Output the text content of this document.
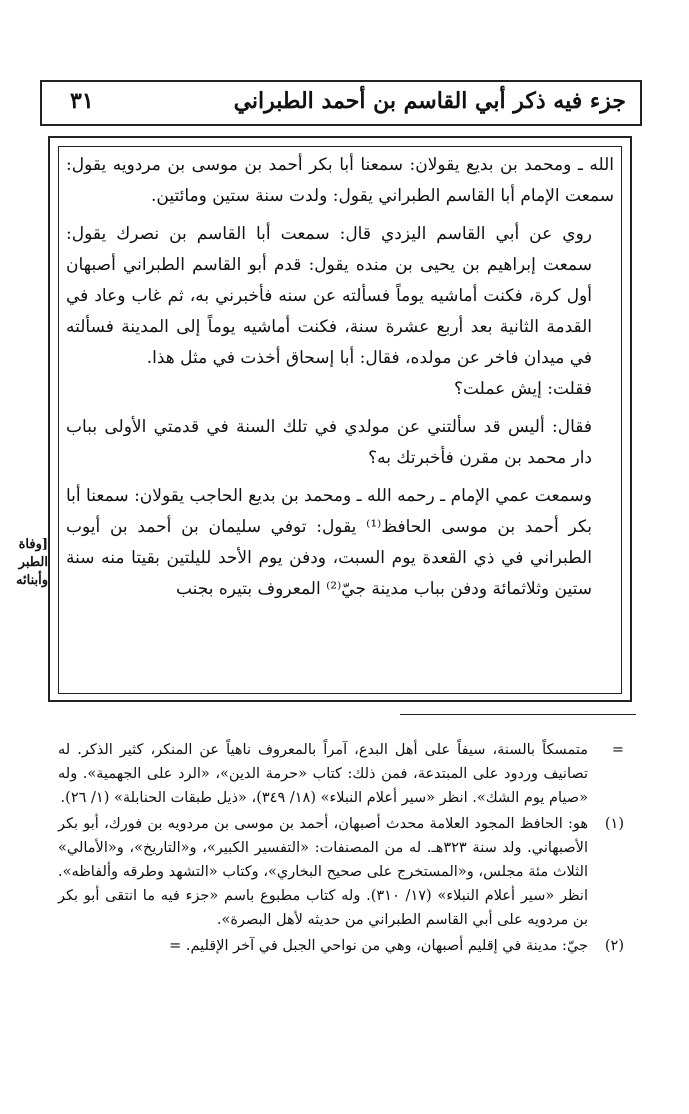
جزء فيه ذكر أبي القاسم بن أحمد الطبراني
٣١

الله ـ ومحمد بن بديع يقولان: سمعنا أبا بكر أحمد بن موسى بن مردويه يقول: سمعت الإمام أبا القاسم الطبراني يقول: ولدت سنة ستين ومائتين.

روي عن أبي القاسم اليزدي قال: سمعت أبا القاسم بن نصرك يقول: سمعت إبراهيم بن يحيى بن منده يقول: قدم أبو القاسم الطبراني أصبهان أول كرة، فكنت أماشيه يوماً فسألته عن سنه فأخبرني به، ثم غاب وعاد في القدمة الثانية بعد أربع عشرة سنة، فكنت أماشيه يوماً إلى المدينة فسألته في ميدان فاخر عن مولده، فقال: أبا إسحاق أخذت في مثل هذا.

فقلت: إيش عملت؟

فقال: أليس قد سألتني عن مولدي في تلك السنة في قدمتي الأولى بباب دار محمد بن مقرن فأخبرتك به؟

وسمعت عمي الإمام ـ رحمه الله ـ ومحمد بن بديع الحاجب يقولان: سمعنا أبا بكر أحمد بن موسى الحافظ⁽¹⁾ يقول: توفي سليمان بن أحمد بن أيوب الطبراني في ذي القعدة يوم السبت، ودفن يوم الأحد لليلتين بقيتا منه سنة ستين وثلاثمائة ودفن بباب مدينة جيّ⁽²⁾ المعروف بتيره بجنب

[وفاة الطبر وأبنائه
=
متمسكاً بالسنة، سيفاً على أهل البدع، آمراً بالمعروف ناهياً عن المنكر، كثير الذكر. له تصانيف وردود على المبتدعة، فمن ذلك: كتاب «حرمة الدين»، «الرد على الجهمية». وله «صيام يوم الشك». انظر «سير أعلام النبلاء» (١٨/ ٣٤٩)، «ذيل طبقات الحنابلة» (١/ ٢٦).
(١)
هو: الحافظ المجود العلامة محدث أصبهان، أحمد بن موسى بن مردويه بن فورك، أبو بكر الأصبهاني. ولد سنة ٣٢٣هـ. له من المصنفات: «التفسير الكبير»، و«التاريخ»، و«الأمالي» الثلاث مئة مجلس، و«المستخرج على صحيح البخاري»، وكتاب «التشهد وطرقه وألفاظه». انظر «سير أعلام النبلاء» (١٧/ ٣١٠). وله كتاب مطبوع باسم «جزء فيه ما انتقى أبو بكر بن مردويه على أبي القاسم الطبراني من حديثه لأهل البصرة».
(٢)
جيّ: مدينة في إقليم أصبهان، وهي من نواحي الجبل في آخر الإقليم. =
